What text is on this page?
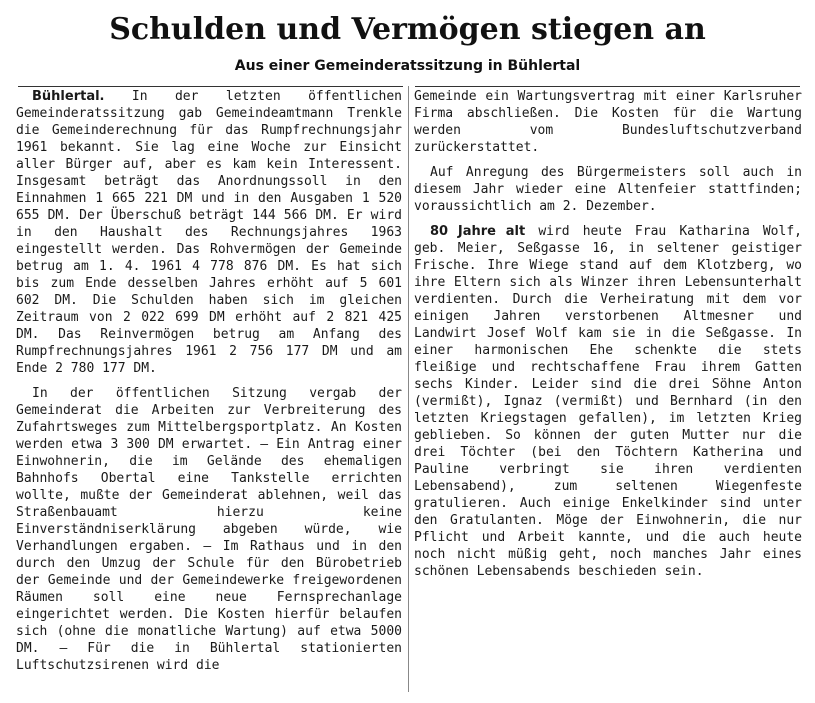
Schulden und Vermögen stiegen an
Aus einer Gemeinderatssitzung in Bühlertal

Bühlertal. In der letzten öffentlichen Gemeinderatssitzung gab Gemeindeamtmann Trenkle die Gemeinderechnung für das Rumpfrechnungsjahr 1961 bekannt. Sie lag eine Woche zur Einsicht aller Bürger auf, aber es kam kein Interessent. Insgesamt beträgt das Anordnungssoll in den Einnahmen 1 665 221 DM und in den Ausgaben 1 520 655 DM. Der Überschuß beträgt 144 566 DM. Er wird in den Haushalt des Rechnungsjahres 1963 eingestellt werden. Das Rohvermögen der Gemeinde betrug am 1. 4. 1961 4 778 876 DM. Es hat sich bis zum Ende desselben Jahres erhöht auf 5 601 602 DM. Die Schulden haben sich im gleichen Zeitraum von 2 022 699 DM erhöht auf 2 821 425 DM. Das Reinvermögen betrug am Anfang des Rumpfrechnungsjahres 1961 2 756 177 DM und am Ende 2 780 177 DM.

In der öffentlichen Sitzung vergab der Gemeinderat die Arbeiten zur Verbreiterung des Zufahrtsweges zum Mittelbergsportplatz. An Kosten werden etwa 3 300 DM erwartet. — Ein Antrag einer Einwohnerin, die im Gelände des ehemaligen Bahnhofs Obertal eine Tankstelle errichten wollte, mußte der Gemeinderat ablehnen, weil das Straßenbauamt hierzu keine Einverständniserklärung abgeben würde, wie Verhandlungen ergaben. — Im Rathaus und in den durch den Umzug der Schule für den Bürobetrieb der Gemeinde und der Gemeindewerke freigewordenen Räumen soll eine neue Fernsprechanlage eingerichtet werden. Die Kosten hierfür belaufen sich (ohne die monatliche Wartung) auf etwa 5000 DM. — Für die in Bühlertal stationierten Luftschutzsirenen wird die

Gemeinde ein Wartungsvertrag mit einer Karlsruher Firma abschließen. Die Kosten für die Wartung werden vom Bundesluftschutzverband zurückerstattet.

Auf Anregung des Bürgermeisters soll auch in diesem Jahr wieder eine Altenfeier stattfinden; voraussichtlich am 2. Dezember.

80 Jahre alt wird heute Frau Katharina Wolf, geb. Meier, Seßgasse 16, in seltener geistiger Frische. Ihre Wiege stand auf dem Klotzberg, wo ihre Eltern sich als Winzer ihren Lebensunterhalt verdienten. Durch die Verheiratung mit dem vor einigen Jahren verstorbenen Altmesner und Landwirt Josef Wolf kam sie in die Seßgasse. In einer harmonischen Ehe schenkte die stets fleißige und rechtschaffene Frau ihrem Gatten sechs Kinder. Leider sind die drei Söhne Anton (vermißt), Ignaz (vermißt) und Bernhard (in den letzten Kriegstagen gefallen), im letzten Krieg geblieben. So können der guten Mutter nur die drei Töchter (bei den Töchtern Katherina und Pauline verbringt sie ihren verdienten Lebensabend), zum seltenen Wiegenfeste gratulieren. Auch einige Enkelkinder sind unter den Gratulanten. Möge der Einwohnerin, die nur Pflicht und Arbeit kannte, und die auch heute noch nicht müßig geht, noch manches Jahr eines schönen Lebensabends beschieden sein.
